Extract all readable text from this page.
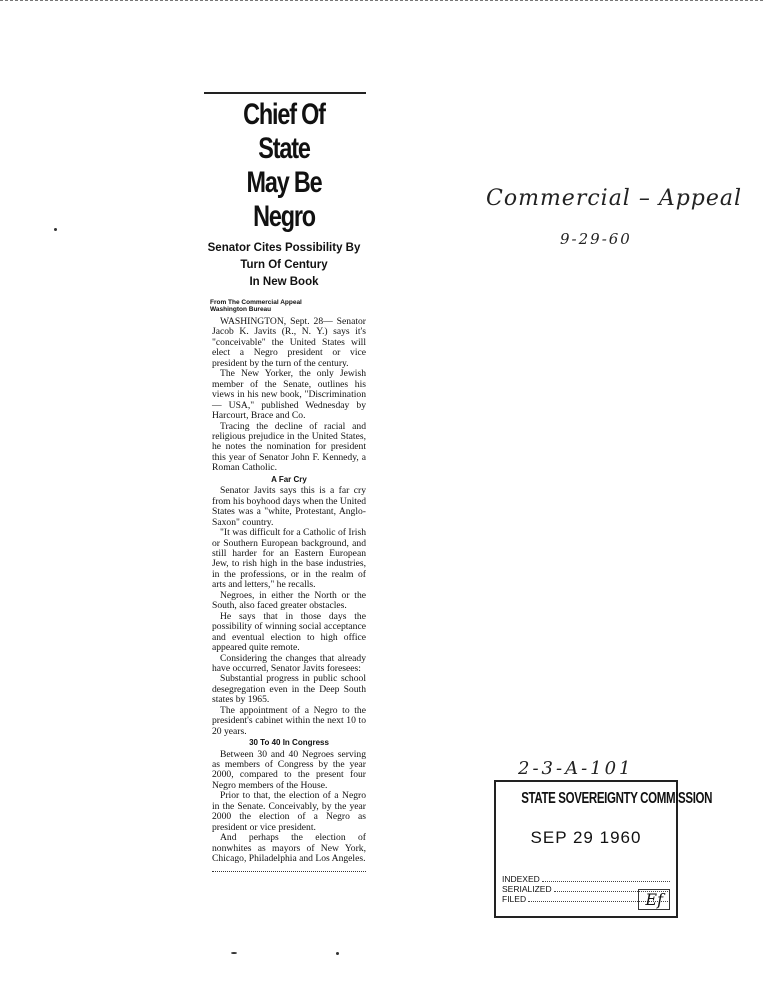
Chief Of State
May Be Negro
Senator Cites Possibility By
Turn Of Century
In New Book
From The Commercial Appeal
Washington Bureau

WASHINGTON, Sept. 28— Senator Jacob K. Javits (R., N. Y.) says it's "conceivable" the United States will elect a Negro president or vice president by the turn of the century.

The New Yorker, the only Jewish member of the Senate, outlines his views in his new book, "Discrimination — USA," published Wednesday by Harcourt, Brace and Co.

Tracing the decline of racial and religious prejudice in the United States, he notes the nomination for president this year of Senator John F. Kennedy, a Roman Catholic.

A Far Cry

Senator Javits says this is a far cry from his boyhood days when the United States was a "white, Protestant, Anglo-Saxon" country.

"It was difficult for a Catholic of Irish or Southern European background, and still harder for an Eastern European Jew, to rish high in the base industries, in the professions, or in the realm of arts and letters," he recalls.

Negroes, in either the North or the South, also faced greater obstacles.

He says that in those days the possibility of winning social acceptance and eventual election to high office appeared quite remote.

Considering the changes that already have occurred, Senator Javits foresees:

Substantial progress in public school desegregation even in the Deep South states by 1965.

The appointment of a Negro to the president's cabinet within the next 10 to 20 years.

30 To 40 In Congress

Between 30 and 40 Negroes serving as members of Congress by the year 2000, compared to the present four Negro members of the House.

Prior to that, the election of a Negro in the Senate. Conceivably, by the year 2000 the election of a Negro as president or vice president.

And perhaps the election of nonwhites as mayors of New York, Chicago, Philadelphia and Los Angeles.

Commercial – Appeal
9-29-60
2-3-A-101
STATE SOVEREIGNTY COMMISSION
SEP 29 1960
INDEXED
SERIALIZED
FILED	Ef
